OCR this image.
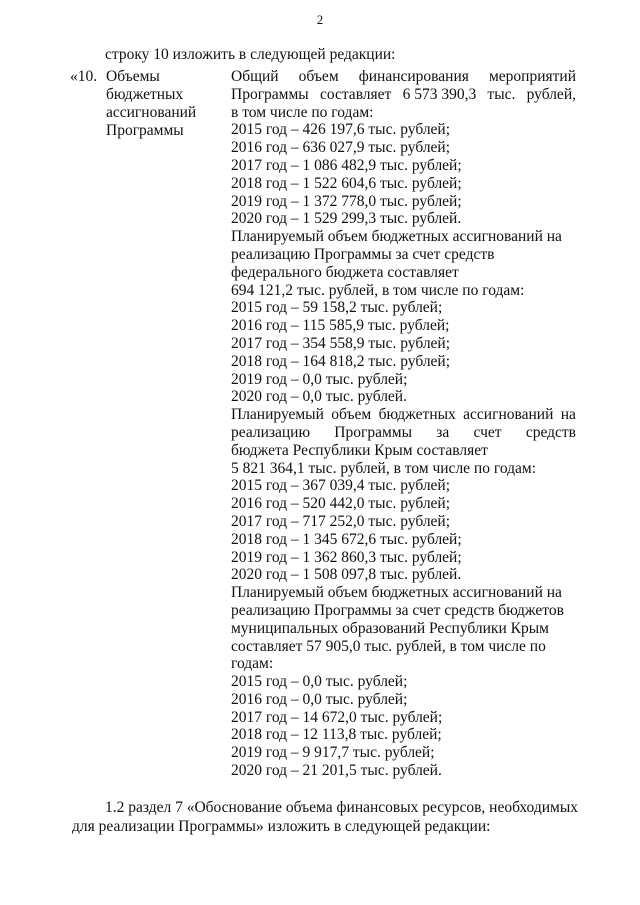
2
строку 10 изложить в следующей редакции:
«10. Объемы
бюджетных
ассигнований
Программы
Общий объем финансирования мероприятий
Программы составляет 6 573 390,3 тыс. рублей,
в том числе по годам:
2015 год – 426 197,6 тыс. рублей;
2016 год – 636 027,9 тыс. рублей;
2017 год – 1 086 482,9 тыс. рублей;
2018 год – 1 522 604,6 тыс. рублей;
2019 год – 1 372 778,0 тыс. рублей;
2020 год – 1 529 299,3 тыс. рублей.
Планируемый объем бюджетных ассигнований на
реализацию Программы за счет средств
федерального бюджета составляет
694 121,2 тыс. рублей, в том числе по годам:
2015 год – 59 158,2 тыс. рублей;
2016 год – 115 585,9 тыс. рублей;
2017 год – 354 558,9 тыс. рублей;
2018 год – 164 818,2 тыс. рублей;
2019 год – 0,0 тыс. рублей;
2020 год – 0,0 тыс. рублей.
Планируемый объем бюджетных ассигнований на
реализацию Программы за счет средств
бюджета Республики Крым составляет
5 821 364,1 тыс. рублей, в том числе по годам:
2015 год – 367 039,4 тыс. рублей;
2016 год – 520 442,0 тыс. рублей;
2017 год – 717 252,0 тыс. рублей;
2018 год – 1 345 672,6 тыс. рублей;
2019 год – 1 362 860,3 тыс. рублей;
2020 год – 1 508 097,8 тыс. рублей.
Планируемый объем бюджетных ассигнований на
реализацию Программы за счет средств бюджетов
муниципальных образований Республики Крым
составляет 57 905,0 тыс. рублей, в том числе по
годам:
2015 год – 0,0 тыс. рублей;
2016 год – 0,0 тыс. рублей;
2017 год – 14 672,0 тыс. рублей;
2018 год – 12 113,8 тыс. рублей;
2019 год – 9 917,7 тыс. рублей;
2020 год – 21 201,5 тыс. рублей.
1.2 раздел 7 «Обоснование объема финансовых ресурсов, необходимых
для реализации Программы» изложить в следующей редакции:
